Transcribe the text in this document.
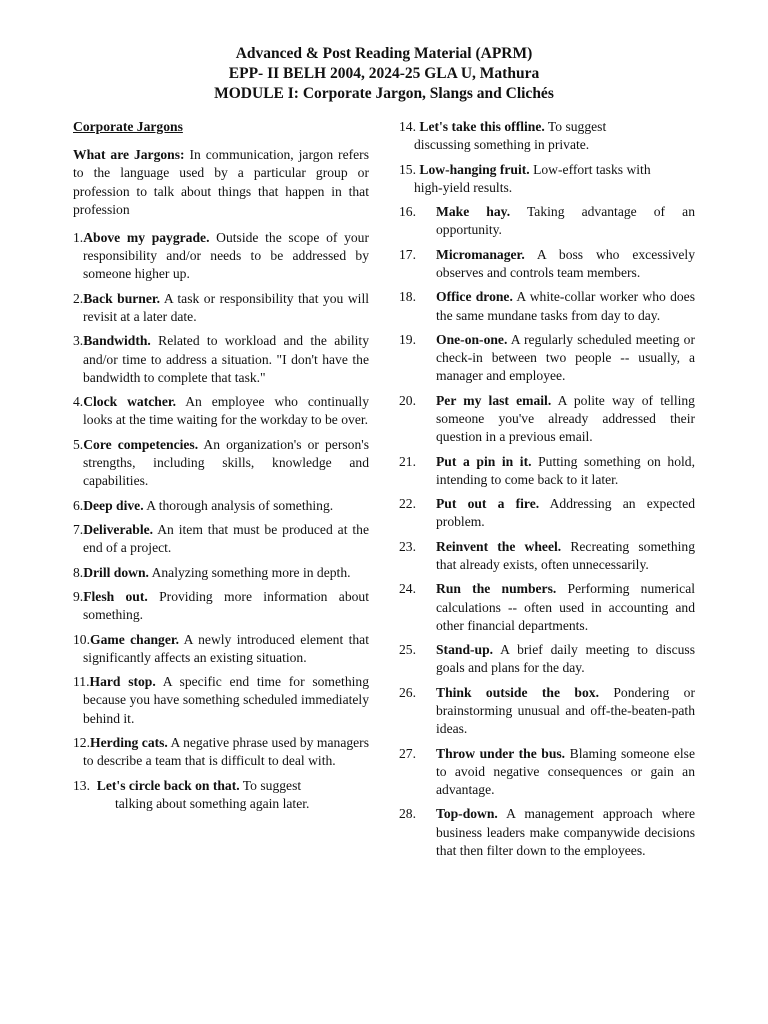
Advanced & Post Reading Material (APRM)
EPP- II BELH 2004, 2024-25 GLA U, Mathura
MODULE I: Corporate Jargon, Slangs and Clichés
Corporate Jargons
What are Jargons: In communication, jargon refers to the language used by a particular group or profession to talk about things that happen in that profession
1.Above my paygrade. Outside the scope of your responsibility and/or needs to be addressed by someone higher up.
2.Back burner. A task or responsibility that you will revisit at a later date.
3.Bandwidth. Related to workload and the ability and/or time to address a situation. "I don't have the bandwidth to complete that task."
4.Clock watcher. An employee who continually looks at the time waiting for the workday to be over.
5.Core competencies. An organization's or person's strengths, including skills, knowledge and capabilities.
6.Deep dive. A thorough analysis of something.
7.Deliverable. An item that must be produced at the end of a project.
8.Drill down. Analyzing something more in depth.
9.Flesh out. Providing more information about something.
10.Game changer. A newly introduced element that significantly affects an existing situation.
11.Hard stop. A specific end time for something because you have something scheduled immediately behind it.
12.Herding cats. A negative phrase used by managers to describe a team that is difficult to deal with.
13. Let's circle back on that. To suggest
talking about something again later.
14. Let's take this offline. To suggest
discussing something in private.
15. Low-hanging fruit. Low-effort tasks with
high-yield results.
16.	Make hay. Taking advantage of an opportunity.
17.	Micromanager. A boss who excessively observes and controls team members.
18.	Office drone. A white-collar worker who does the same mundane tasks from day to day.
19.	One-on-one. A regularly scheduled meeting or check-in between two people -- usually, a manager and employee.
20.	Per my last email. A polite way of telling someone you've already addressed their question in a previous email.
21.	Put a pin in it. Putting something on hold, intending to come back to it later.
22.	Put out a fire. Addressing an expected problem.
23.	Reinvent the wheel. Recreating something that already exists, often unnecessarily.
24.	Run the numbers. Performing numerical calculations -- often used in accounting and other financial departments.
25.	Stand-up. A brief daily meeting to discuss goals and plans for the day.
26.	Think outside the box. Pondering or brainstorming unusual and off-the-beaten-path ideas.
27.	Throw under the bus. Blaming someone else to avoid negative consequences or gain an advantage.
28.	Top-down. A management approach where business leaders make companywide decisions that then filter down to the employees.
